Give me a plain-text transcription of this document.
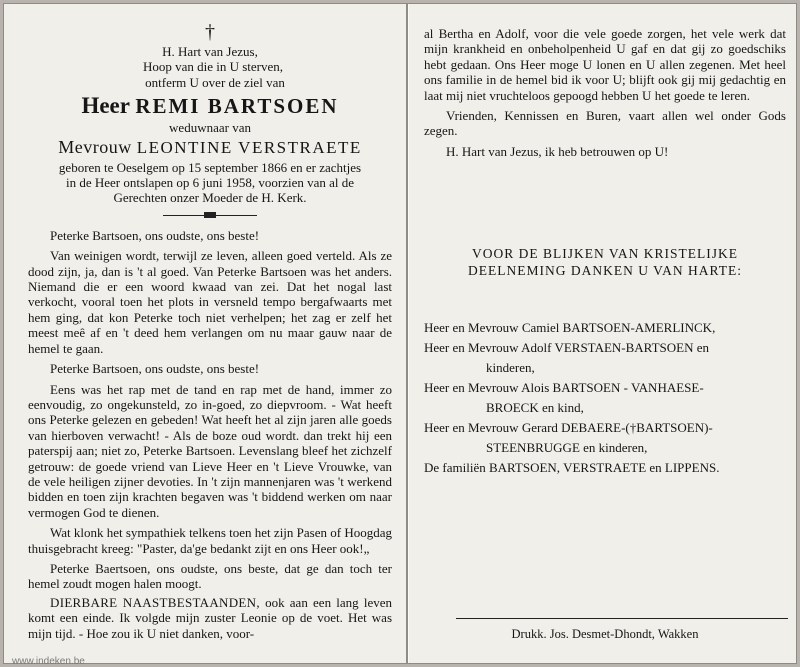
†
H. Hart van Jezus,
Hoop van die in U sterven,
ontferm U over de ziel van
Heer REMI BARTSOEN
weduwnaar van
Mevrouw LEONTINE VERSTRAETE
geboren te Oeselgem op 15 september 1866 en er zachtjes
in de Heer ontslapen op 6 juni 1958, voorzien van al de
Gerechten onzer Moeder de H. Kerk.

Peterke Bartsoen, ons oudste, ons beste!

Van weinigen wordt, terwijl ze leven, alleen goed verteld. Als ze dood zijn, ja, dan is 't al goed. Van Peterke Bartsoen was het anders. Niemand die er een woord kwaad van zei. Dat het nogal last verkocht, vooral toen het plots in versneld tempo bergafwaarts met hem ging, dat kon Peterke toch niet verhelpen; het zag er zelf het meest meê af en 't deed hem verlangen om nu maar gauw naar de hemel te gaan.

Peterke Bartsoen, ons oudste, ons beste!

Eens was het rap met de tand en rap met de hand, immer zo eenvoudig, zo ongekunsteld, zo in-goed, zo diepvroom. - Wat heeft ons Peterke gelezen en gebeden! Wat heeft het al zijn jaren alle goeds van hierboven verwacht! - Als de boze oud wordt. dan trekt hij een paterspij aan; niet zo, Peterke Bartsoen. Levenslang bleef het zichzelf getrouw: de goede vriend van Lieve Heer en 't Lieve Vrouwke, van de vele heiligen zijner devoties. In 't zijn mannenjaren was 't werkend bidden en toen zijn krachten begaven was 't biddend werken om naar vermogen God te dienen.

Wat klonk het sympathiek telkens toen het zijn Pasen of Hoogdag thuisgebracht kreeg: "Paster, da'ge bedankt zijt en ons Heer ook!„

Peterke Baertsoen, ons oudste, ons beste, dat ge dan toch ter hemel zoudt mogen halen moogt.

DIERBARE NAASTBESTAANDEN, ook aan een lang leven komt een einde. Ik volgde mijn zuster Leonie op de voet. Het was mijn tijd. - Hoe zou ik U niet danken, voor-

al Bertha en Adolf, voor die vele goede zorgen, het vele werk dat mijn krankheid en onbeholpenheid U gaf en dat gij zo goedschiks hebt gedaan. Ons Heer moge U lonen en U allen zegenen. Met heel ons familie in de hemel bid ik voor U; blijft ook gij mij gedachtig en laat mij niet vruchteloos gepoogd hebben U het goede te leren.

Vrienden, Kennissen en Buren, vaart allen wel onder Gods zegen.

H. Hart van Jezus, ik heb betrouwen op U!

VOOR DE BLIJKEN VAN KRISTELIJKE
DEELNEMING DANKEN U VAN HARTE:
Heer en Mevrouw Camiel BARTSOEN-AMERLINCK,
Heer en Mevrouw Adolf VERSTAEN-BARTSOEN en
kinderen,
Heer en Mevrouw Alois BARTSOEN - VANHAESE-
BROECK en kind,
Heer en Mevrouw Gerard DEBAERE-(†BARTSOEN)-
STEENBRUGGE en kinderen,
De familiën BARTSOEN, VERSTRAETE en LIPPENS.
Drukk. Jos. Desmet-Dhondt, Wakken
www.indeken.be
